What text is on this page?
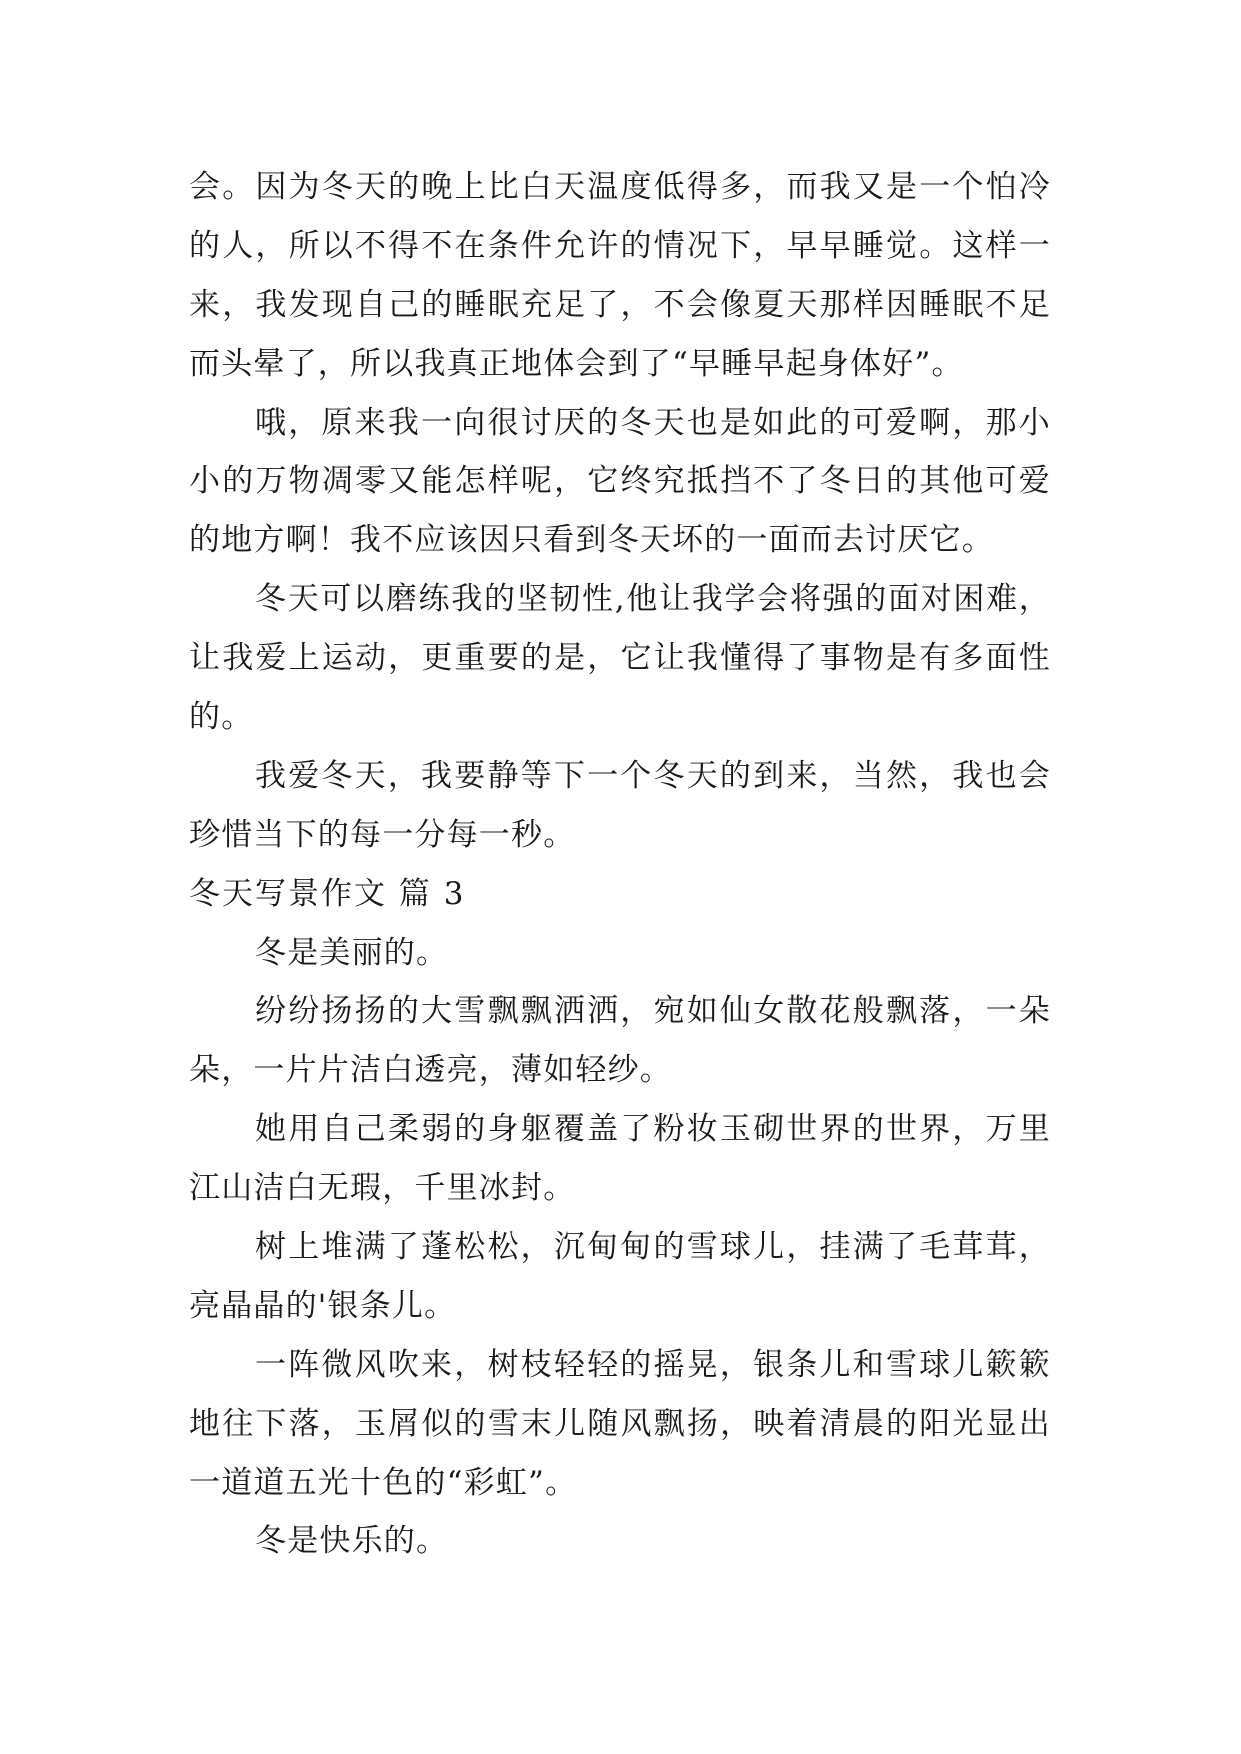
会。因为冬天的晚上比白天温度低得多，而我又是一个怕冷
的人，所以不得不在条件允许的情况下，早早睡觉。这样一
来，我发现自己的睡眠充足了，不会像夏天那样因睡眠不足
而头晕了，所以我真正地体会到了“早睡早起身体好”。
哦，原来我一向很讨厌的冬天也是如此的可爱啊，那小
小的万物凋零又能怎样呢，它终究抵挡不了冬日的其他可爱
的地方啊！我不应该因只看到冬天坏的一面而去讨厌它。
冬天可以磨练我的坚韧性,他让我学会将强的面对困难，
让我爱上运动，更重要的是，它让我懂得了事物是有多面性
的。
我爱冬天，我要静等下一个冬天的到来，当然，我也会
珍惜当下的每一分每一秒。
冬天写景作文 篇 3
冬是美丽的。
纷纷扬扬的大雪飘飘洒洒，宛如仙女散花般飘落，一朵
朵，一片片洁白透亮，薄如轻纱。
她用自己柔弱的身躯覆盖了粉妆玉砌世界的世界，万里
江山洁白无瑕，千里冰封。
树上堆满了蓬松松，沉甸甸的雪球儿，挂满了毛茸茸，
亮晶晶的'银条儿。
一阵微风吹来，树枝轻轻的摇晃，银条儿和雪球儿簌簌
地往下落，玉屑似的雪末儿随风飘扬，映着清晨的阳光显出
一道道五光十色的“彩虹”。
冬是快乐的。
